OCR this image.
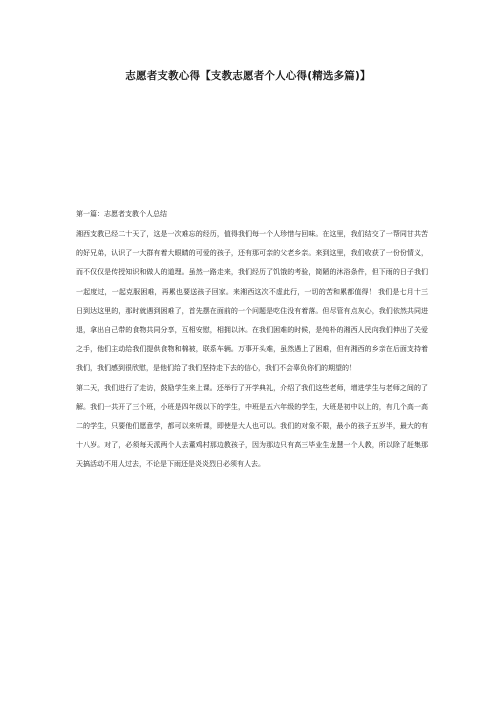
志愿者支教心得【支教志愿者个人心得(精选多篇)】

第一篇：志愿者支教个人总结

湘西支教已经二十天了，这是一次难忘的经历，值得我们每一个人珍惜与回味。在这里，我们结交了一帮同甘共苦的好兄弟，认识了一大群有着大眼睛的可爱的孩子，还有那可亲的父老乡亲。来到这里，我们收获了一份份情义，而不仅仅是传授知识和做人的道理。虽然一路走来，我们经历了饥饿的考验，简陋的沐浴条件，但下雨的日子我们一起度过，一起克服困难，再累也要送孩子回家。来湘西这次不虚此行，一切的苦和累都值得！ 我们是七月十三日到达这里的，那时就遇到困难了，首先摆在面前的一个问题是吃住没有着落。但尽管有点灰心，我们依然共同进退，拿出自己带的食物共同分享，互相安慰，相拥以沐。在我们困难的时候，是纯朴的湘西人民向我们伸出了关爱之手，他们主动给我们提供食物和棉被，联系车辆。万事开头难，虽然遇上了困难，但有湘西的乡亲在后面支持着我们，我们感到很欣慰，是他们给了我们坚持走下去的信心，我们不会辜负你们的期望的！

第二天，我们进行了走访，鼓励学生来上课。还举行了开学典礼，介绍了我们这些老师，增进学生与老师之间的了解。我们一共开了三个班，小班是四年级以下的学生，中班是五六年级的学生，大班是初中以上的，有几个高一高二的学生，只要他们愿意学，都可以来听课，即使是大人也可以。我们的对象不限，最小的孩子五岁半，最大的有十八岁。对了，必须每天派两个人去董鸡村那边教孩子，因为那边只有高三毕业生龙慧一个人教，所以除了赶集那天搞活动不用人过去，不论是下雨还是炎炎烈日必须有人去。
